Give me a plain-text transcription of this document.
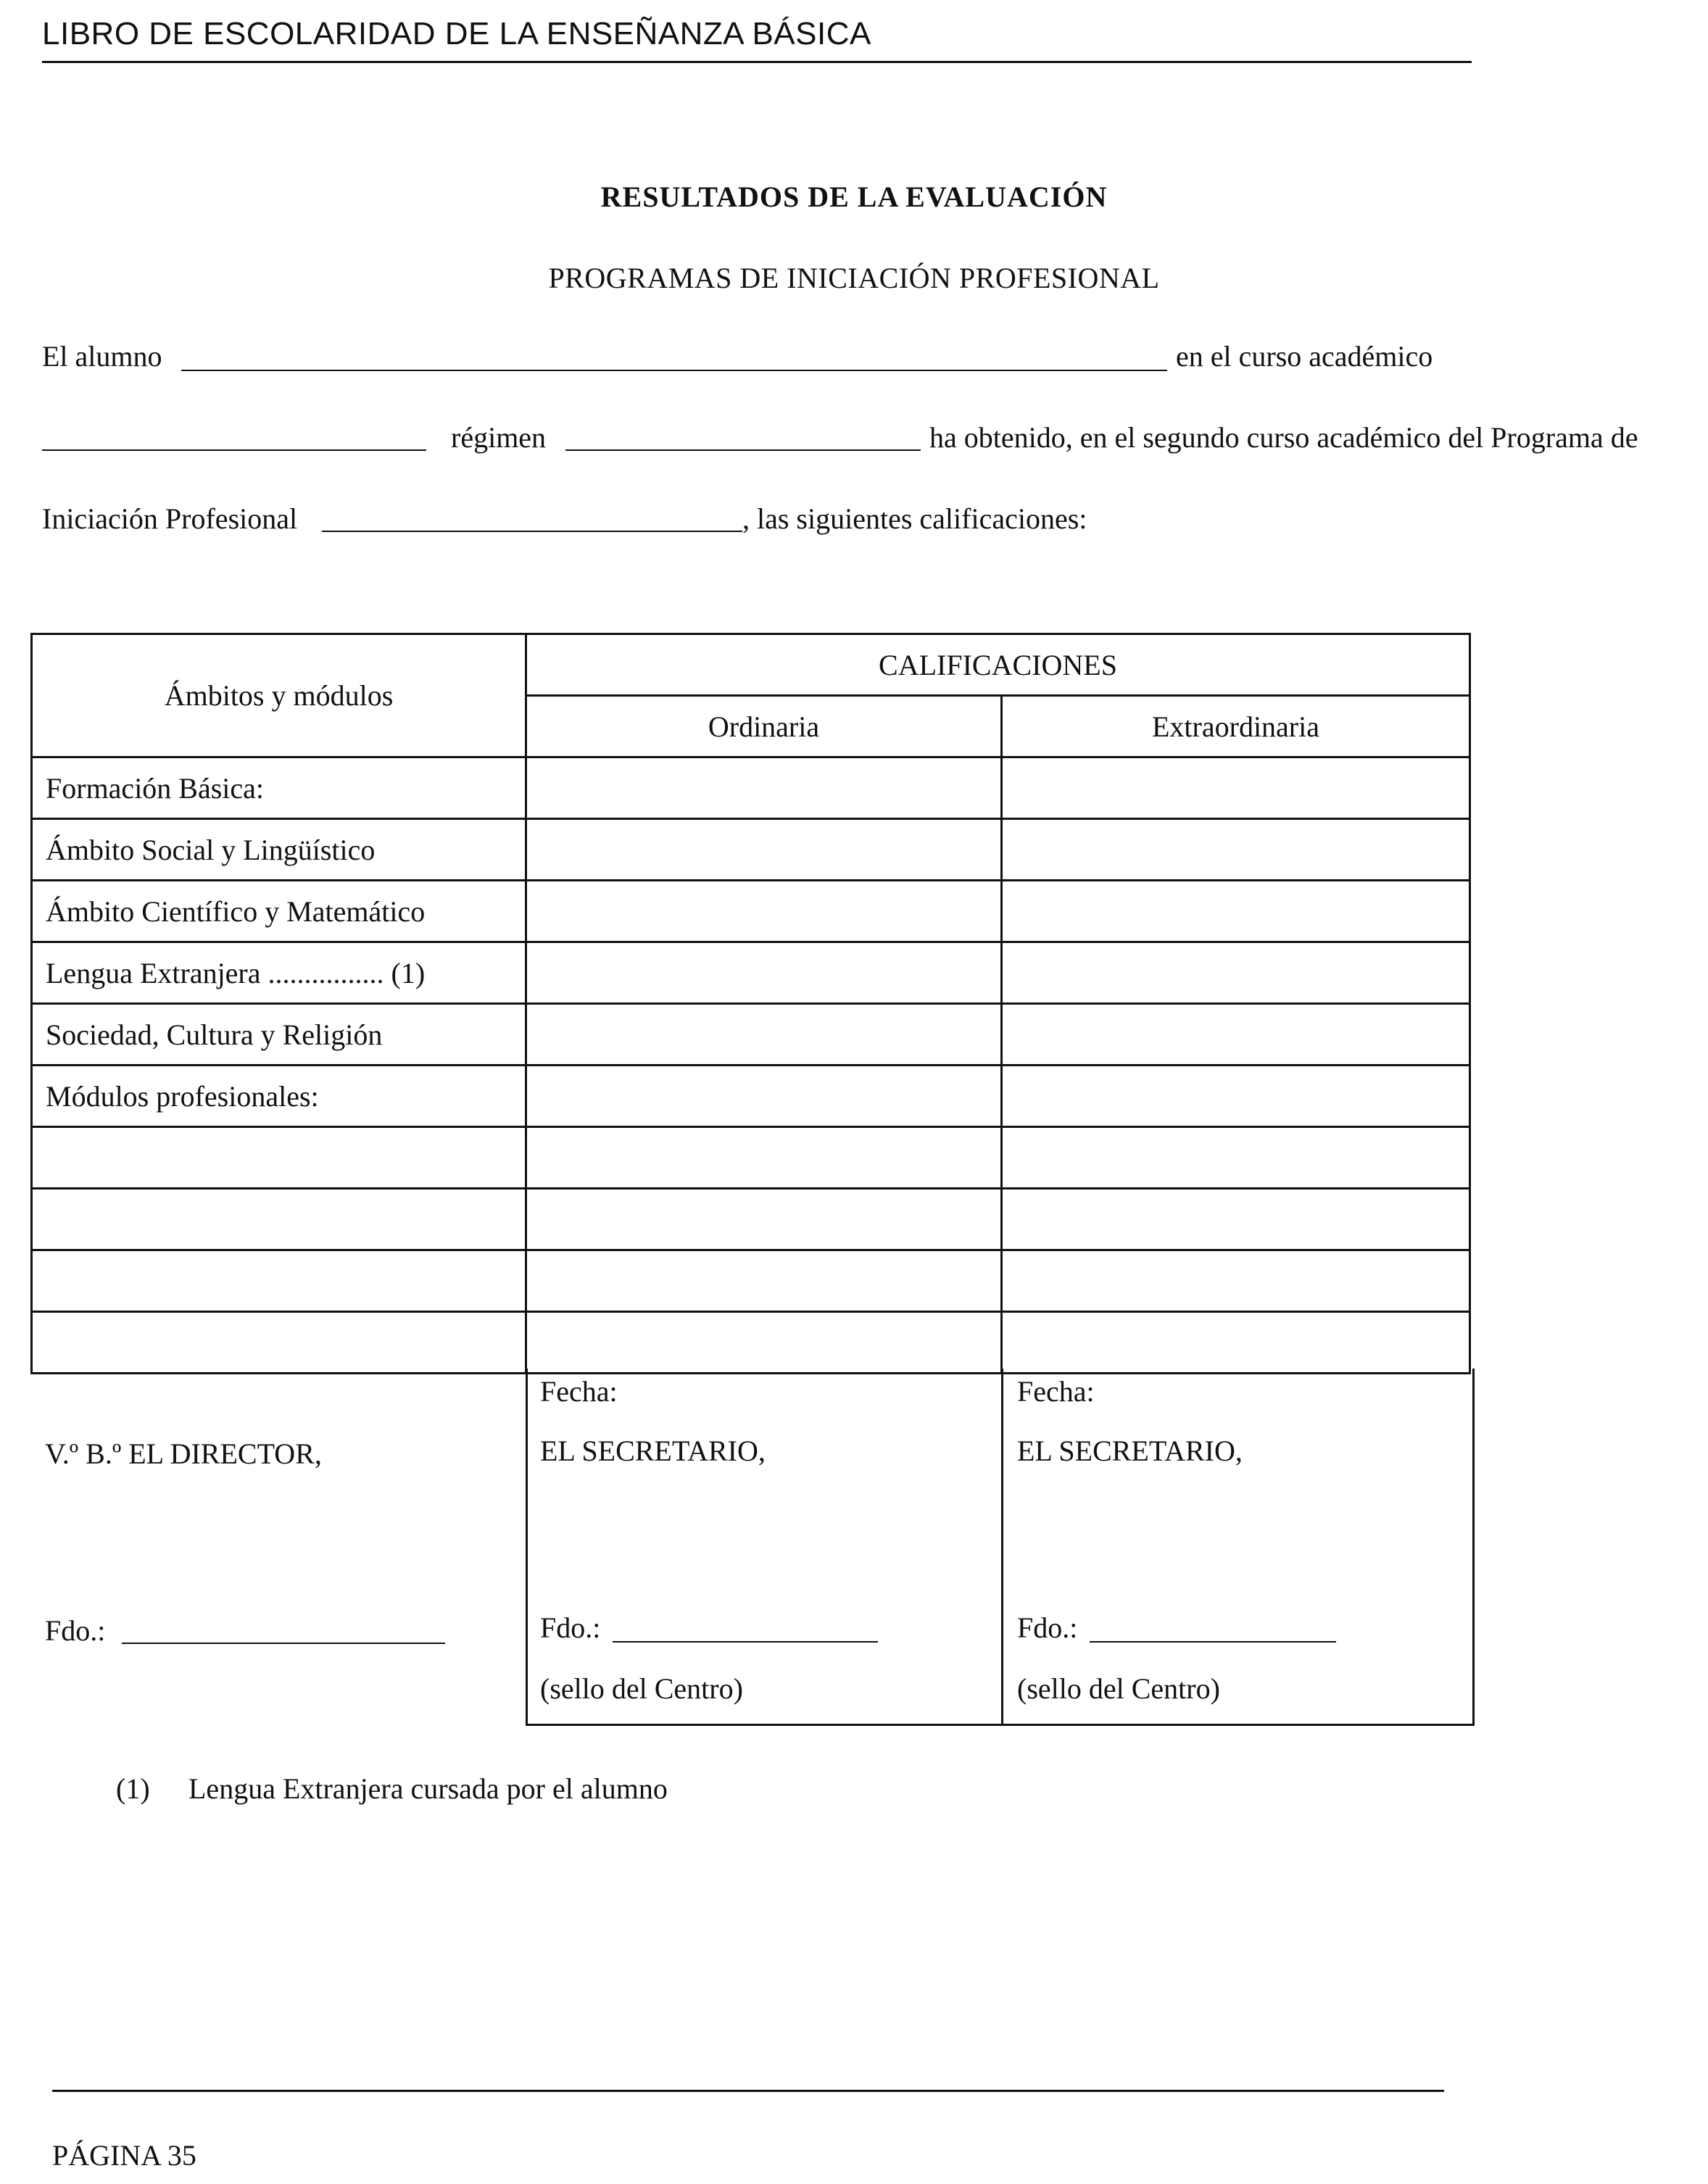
LIBRO DE ESCOLARIDAD DE LA ENSEÑANZA BÁSICA
RESULTADOS DE LA EVALUACIÓN
PROGRAMAS DE INICIACIÓN PROFESIONAL
El alumno	en el curso académico
régimen	ha obtenido, en el segundo curso académico del Programa de
Iniciación Profesional	, las siguientes calificaciones:
Ámbitos y módulos	CALIFICACIONES	
	Ordinaria	Extraordinaria
Formación Básica:		
Ámbito Social y Lingüístico		
Ámbito Científico y Matemático		
Lengua Extranjera ................ (1)		
Sociedad, Cultura y Religión		
Módulos profesionales:		

V.º B.º EL DIRECTOR,
Fdo.:
Fecha:
EL SECRETARIO,
Fdo.:
(sello del Centro)
Fecha:
EL SECRETARIO,
Fdo.:
(sello del Centro)
(1) Lengua Extranjera cursada por el alumno
PÁGINA 35
